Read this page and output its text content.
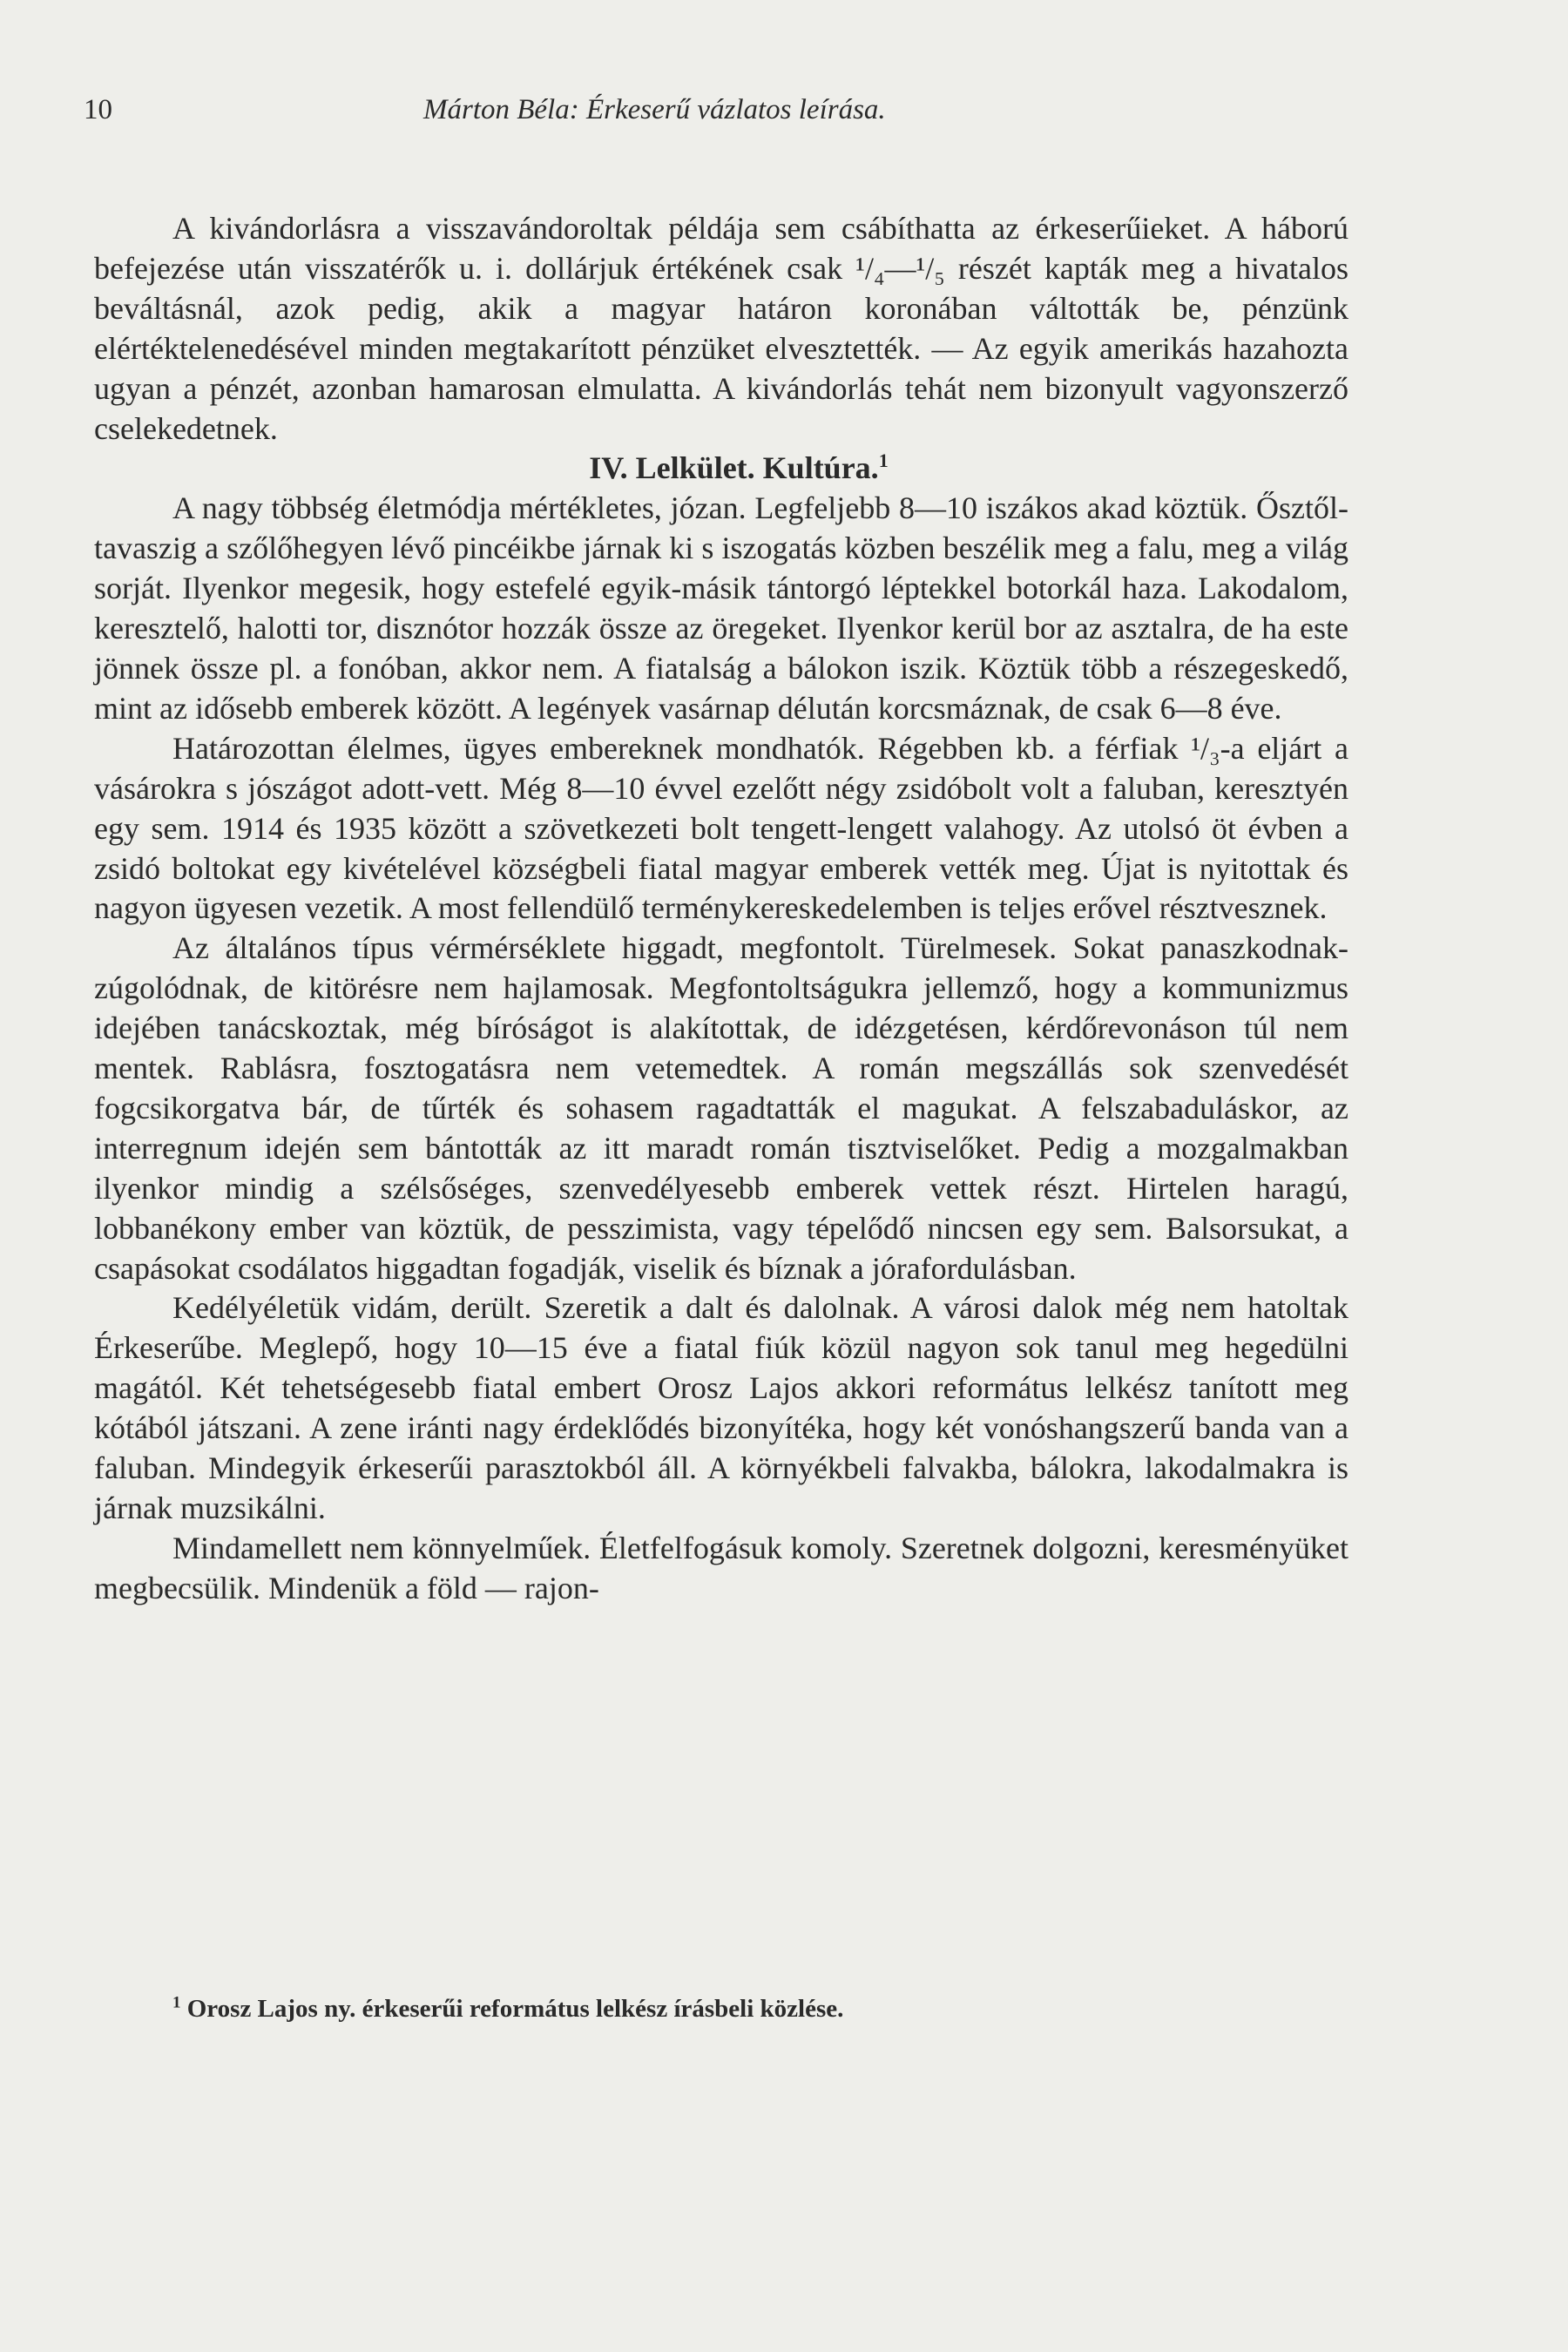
10	Márton Béla: Érkeserű vázlatos leírása.

A kivándorlásra a visszavándoroltak példája sem csábíthatta az érkeserűieket. A háború befejezése után visszatérők u. i. dollárjuk értékének csak ¹/₄—¹/₅ részét kapták meg a hivatalos beváltásnál, azok pedig, akik a magyar határon koronában váltották be, pénzünk elértéktelenedésével minden megtakarított pénzüket elvesztették. — Az egyik amerikás hazahozta ugyan a pénzét, azonban hamarosan elmulatta. A kivándorlás tehát nem bizonyult vagyonszerző cselekedetnek.

IV. Lelkület. Kultúra.$^1$

A nagy többség életmódja mértékletes, józan. Legfeljebb 8—10 iszákos akad köztük. Ősztől-tavaszig a szőlőhegyen lévő pincéikbe járnak ki s iszogatás közben beszélik meg a falu, meg a világ sorját. Ilyenkor megesik, hogy estefelé egyik-másik tántorgó léptekkel botorkál haza. Lakodalom, keresztelő, halotti tor, disznótor hozzák össze az öregeket. Ilyenkor kerül bor az asztalra, de ha este jönnek össze pl. a fonóban, akkor nem. A fiatalság a bálokon iszik. Köztük több a részegeskedő, mint az idősebb emberek között. A legények vasárnap délután korcsmáznak, de csak 6—8 éve.

Határozottan élelmes, ügyes embereknek mondhatók. Régebben kb. a férfiak ¹/₃-a eljárt a vásárokra s jószágot adott-vett. Még 8—10 évvel ezelőtt négy zsidóbolt volt a faluban, keresztyén egy sem. 1914 és 1935 között a szövetkezeti bolt tengett-lengett valahogy. Az utolsó öt évben a zsidó boltokat egy kivételével községbeli fiatal magyar emberek vették meg. Újat is nyitottak és nagyon ügyesen vezetik. A most fellendülő terménykereskedelemben is teljes erővel résztvesznek.

Az általános típus vérmérséklete higgadt, megfontolt. Türelmesek. Sokat panaszkodnak-zúgolódnak, de kitörésre nem hajlamosak. Megfontoltságukra jellemző, hogy a kommunizmus idejében tanácskoztak, még bíróságot is alakítottak, de idézgetésen, kérdőrevonáson túl nem mentek. Rablásra, fosztogatásra nem vetemedtek. A román megszállás sok szenvedését fogcsikorgatva bár, de tűrték és sohasem ragadtatták el magukat. A felszabaduláskor, az interregnum idején sem bántották az itt maradt román tisztviselőket. Pedig a mozgalmakban ilyenkor mindig a szélsőséges, szenvedélyesebb emberek vettek részt. Hirtelen haragú, lobbanékony ember van köztük, de pesszimista, vagy tépelődő nincsen egy sem. Balsorsukat, a csapásokat csodálatos higgadtan fogadják, viselik és bíznak a jórafordulásban.

Kedélyéletük vidám, derült. Szeretik a dalt és dalolnak. A városi dalok még nem hatoltak Érkeserűbe. Meglepő, hogy 10—15 éve a fiatal fiúk közül nagyon sok tanul meg hegedülni magától. Két tehetségesebb fiatal embert Orosz Lajos akkori református lelkész tanított meg kótából játszani. A zene iránti nagy érdeklődés bizonyítéka, hogy két vonóshangszerű banda van a faluban. Mindegyik érkeserűi parasztokból áll. A környékbeli falvakba, bálokra, lakodalmakra is járnak muzsikálni.

Mindamellett nem könnyelműek. Életfelfogásuk komoly. Szeretnek dolgozni, keresményüket megbecsülik. Mindenük a föld — rajon-

$^1$ Orosz Lajos ny. érkeserűi református lelkész írásbeli közlése.
